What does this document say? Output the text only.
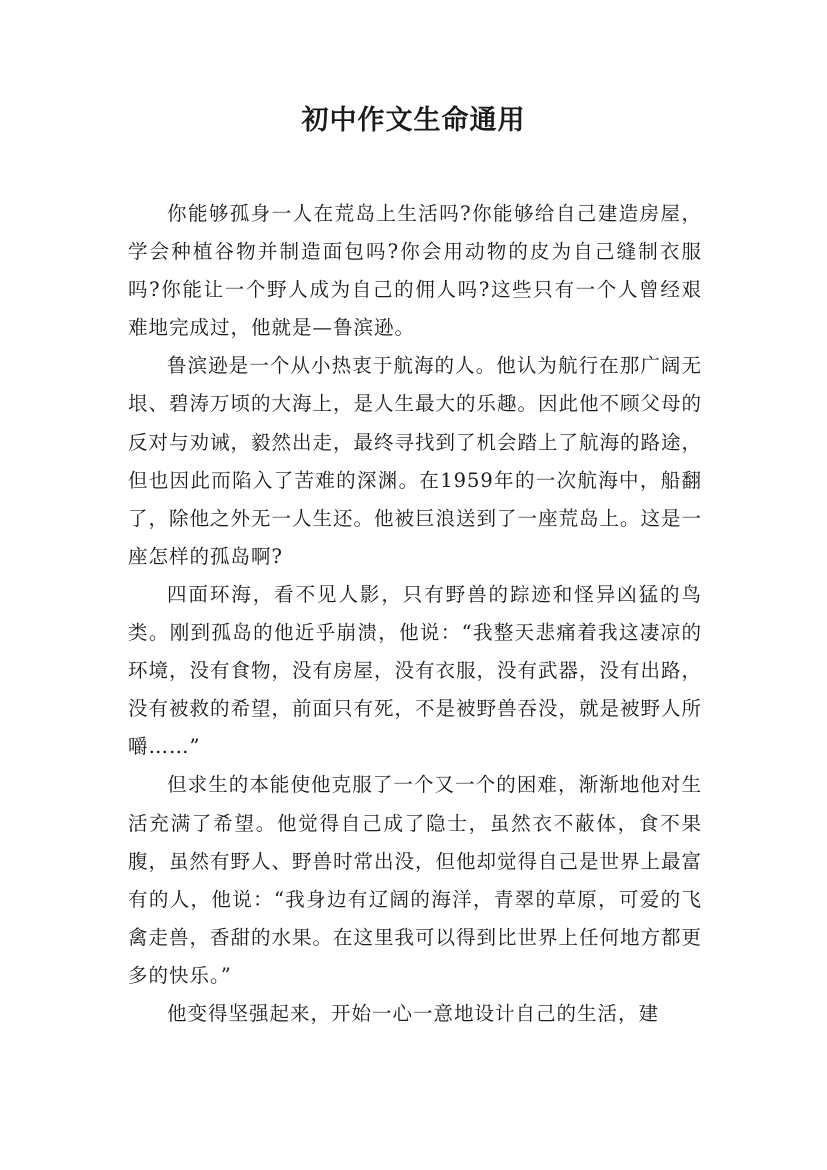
初中作文生命通用

你能够孤身一人在荒岛上生活吗?你能够给自己建造房屋，学会种植谷物并制造面包吗?你会用动物的皮为自己缝制衣服吗?你能让一个野人成为自己的佣人吗?这些只有一个人曾经艰难地完成过，他就是—鲁滨逊。

鲁滨逊是一个从小热衷于航海的人。他认为航行在那广阔无垠、碧涛万顷的大海上，是人生最大的乐趣。因此他不顾父母的反对与劝诫，毅然出走，最终寻找到了机会踏上了航海的路途，但也因此而陷入了苦难的深渊。在1959年的一次航海中，船翻了，除他之外无一人生还。他被巨浪送到了一座荒岛上。这是一座怎样的孤岛啊?

四面环海，看不见人影，只有野兽的踪迹和怪异凶猛的鸟类。刚到孤岛的他近乎崩溃，他说：“我整天悲痛着我这凄凉的环境，没有食物，没有房屋，没有衣服，没有武器，没有出路，没有被救的希望，前面只有死，不是被野兽吞没，就是被野人所嚼……”

但求生的本能使他克服了一个又一个的困难，渐渐地他对生活充满了希望。他觉得自己成了隐士，虽然衣不蔽体，食不果腹，虽然有野人、野兽时常出没，但他却觉得自己是世界上最富有的人，他说：“我身边有辽阔的海洋，青翠的草原，可爱的飞禽走兽，香甜的水果。在这里我可以得到比世界上任何地方都更多的快乐。”

他变得坚强起来，开始一心一意地设计自己的生活，建
